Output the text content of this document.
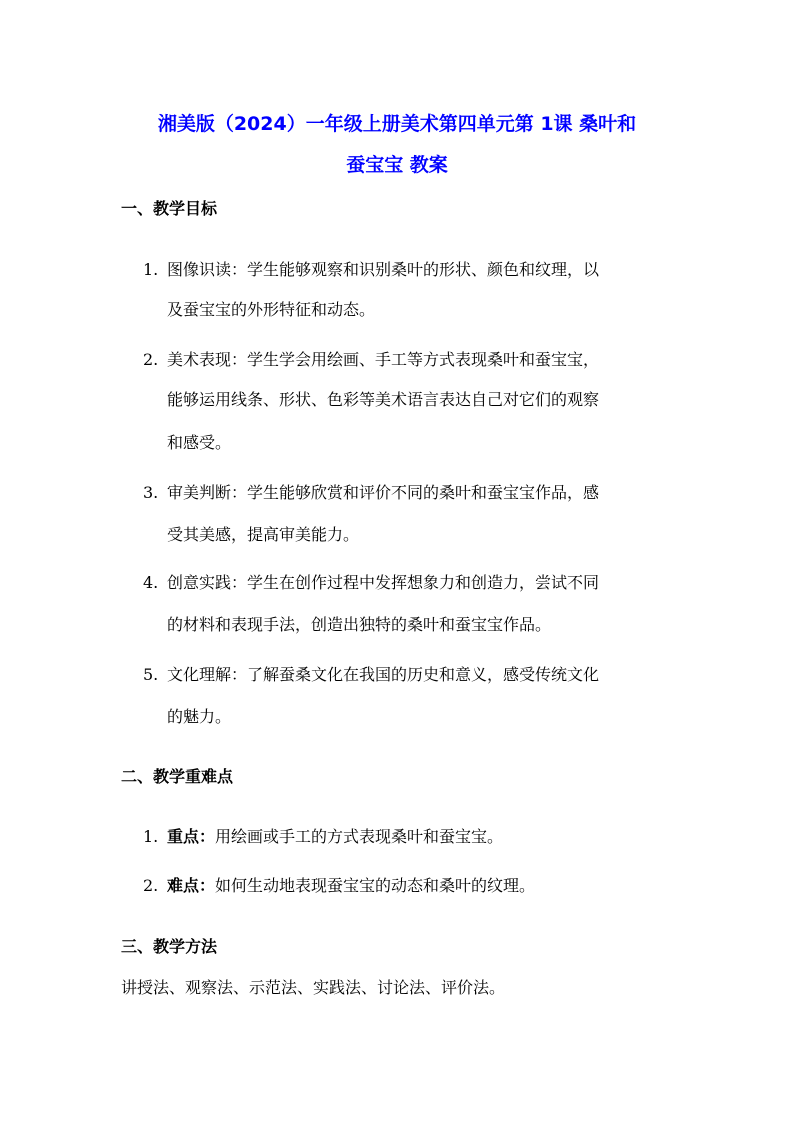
湘美版（2024）一年级上册美术第四单元第 1课 桑叶和
蚕宝宝 教案
一、教学目标
1. 图像识读：学生能够观察和识别桑叶的形状、颜色和纹理，以
及蚕宝宝的外形特征和动态。
2. 美术表现：学生学会用绘画、手工等方式表现桑叶和蚕宝宝，
能够运用线条、形状、色彩等美术语言表达自己对它们的观察
和感受。
3. 审美判断：学生能够欣赏和评价不同的桑叶和蚕宝宝作品，感
受其美感，提高审美能力。
4. 创意实践：学生在创作过程中发挥想象力和创造力，尝试不同
的材料和表现手法，创造出独特的桑叶和蚕宝宝作品。
5. 文化理解：了解蚕桑文化在我国的历史和意义，感受传统文化
的魅力。
二、教学重难点
1. 重点：用绘画或手工的方式表现桑叶和蚕宝宝。
2. 难点：如何生动地表现蚕宝宝的动态和桑叶的纹理。
三、教学方法
讲授法、观察法、示范法、实践法、讨论法、评价法。
